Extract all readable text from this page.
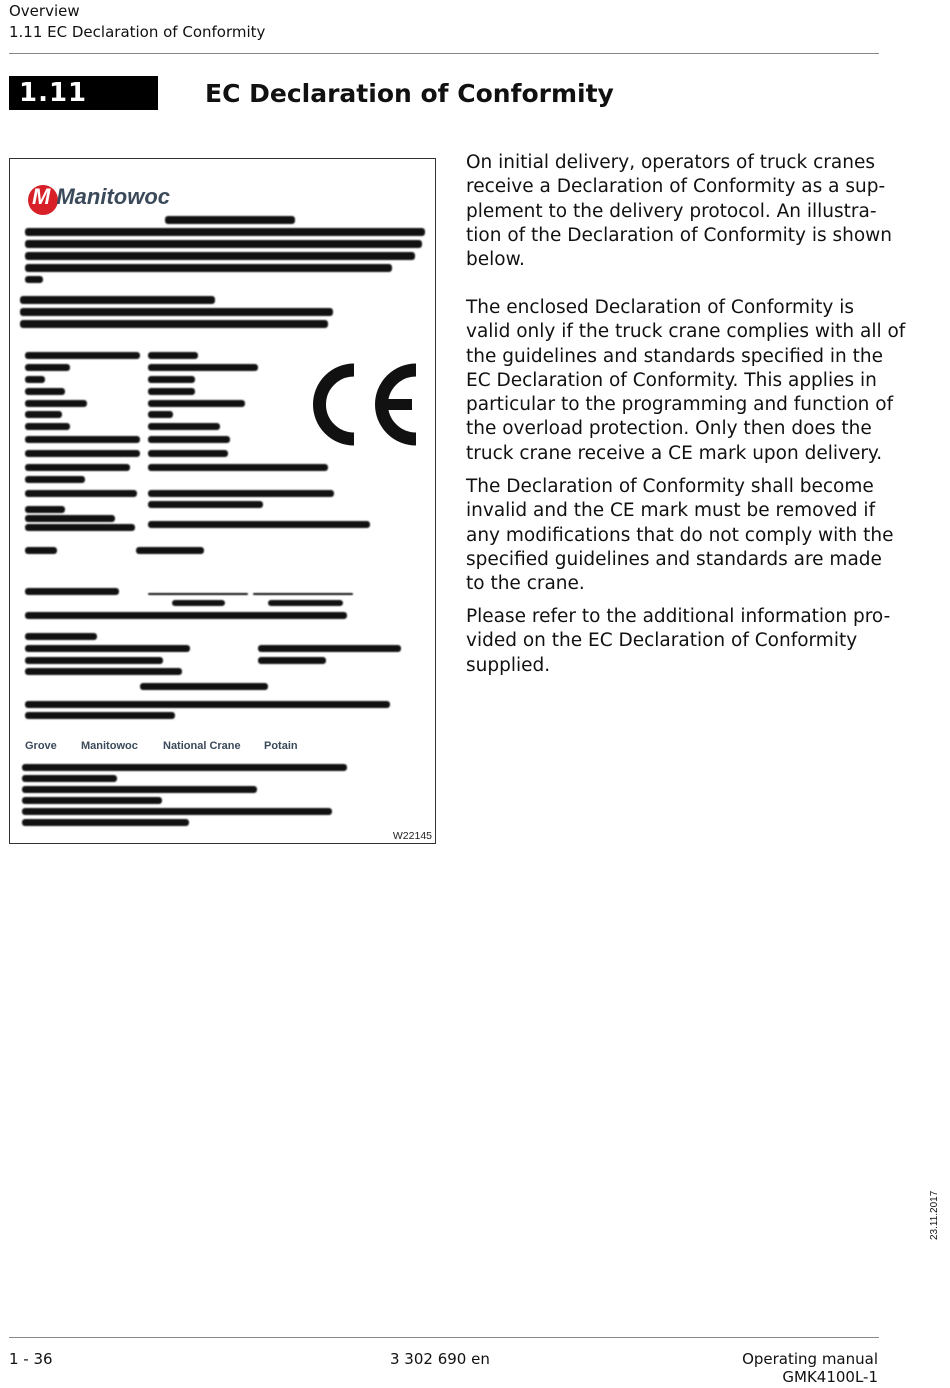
Overview
1.11 EC Declaration of Conformity
1.11	EC Declaration of Conformity
W22145
M Manitowoc
Grove Manitowoc National Crane Potain
On initial delivery, operators of truck cranes
receive a Declaration of Conformity as a sup-
plement to the delivery protocol. An illustra-
tion of the Declaration of Conformity is shown
below.
The enclosed Declaration of Conformity is
valid only if the truck crane complies with all of
the guidelines and standards specified in the
EC Declaration of Conformity. This applies in
particular to the programming and function of
the overload protection. Only then does the
truck crane receive a CE mark upon delivery.
The Declaration of Conformity shall become
invalid and the CE mark must be removed if
any modifications that do not comply with the
specified guidelines and standards are made
to the crane.
Please refer to the additional information pro-
vided on the EC Declaration of Conformity
supplied.
23.11.2017
1 - 36	3 302 690 en	Operating manual
GMK4100L-1
